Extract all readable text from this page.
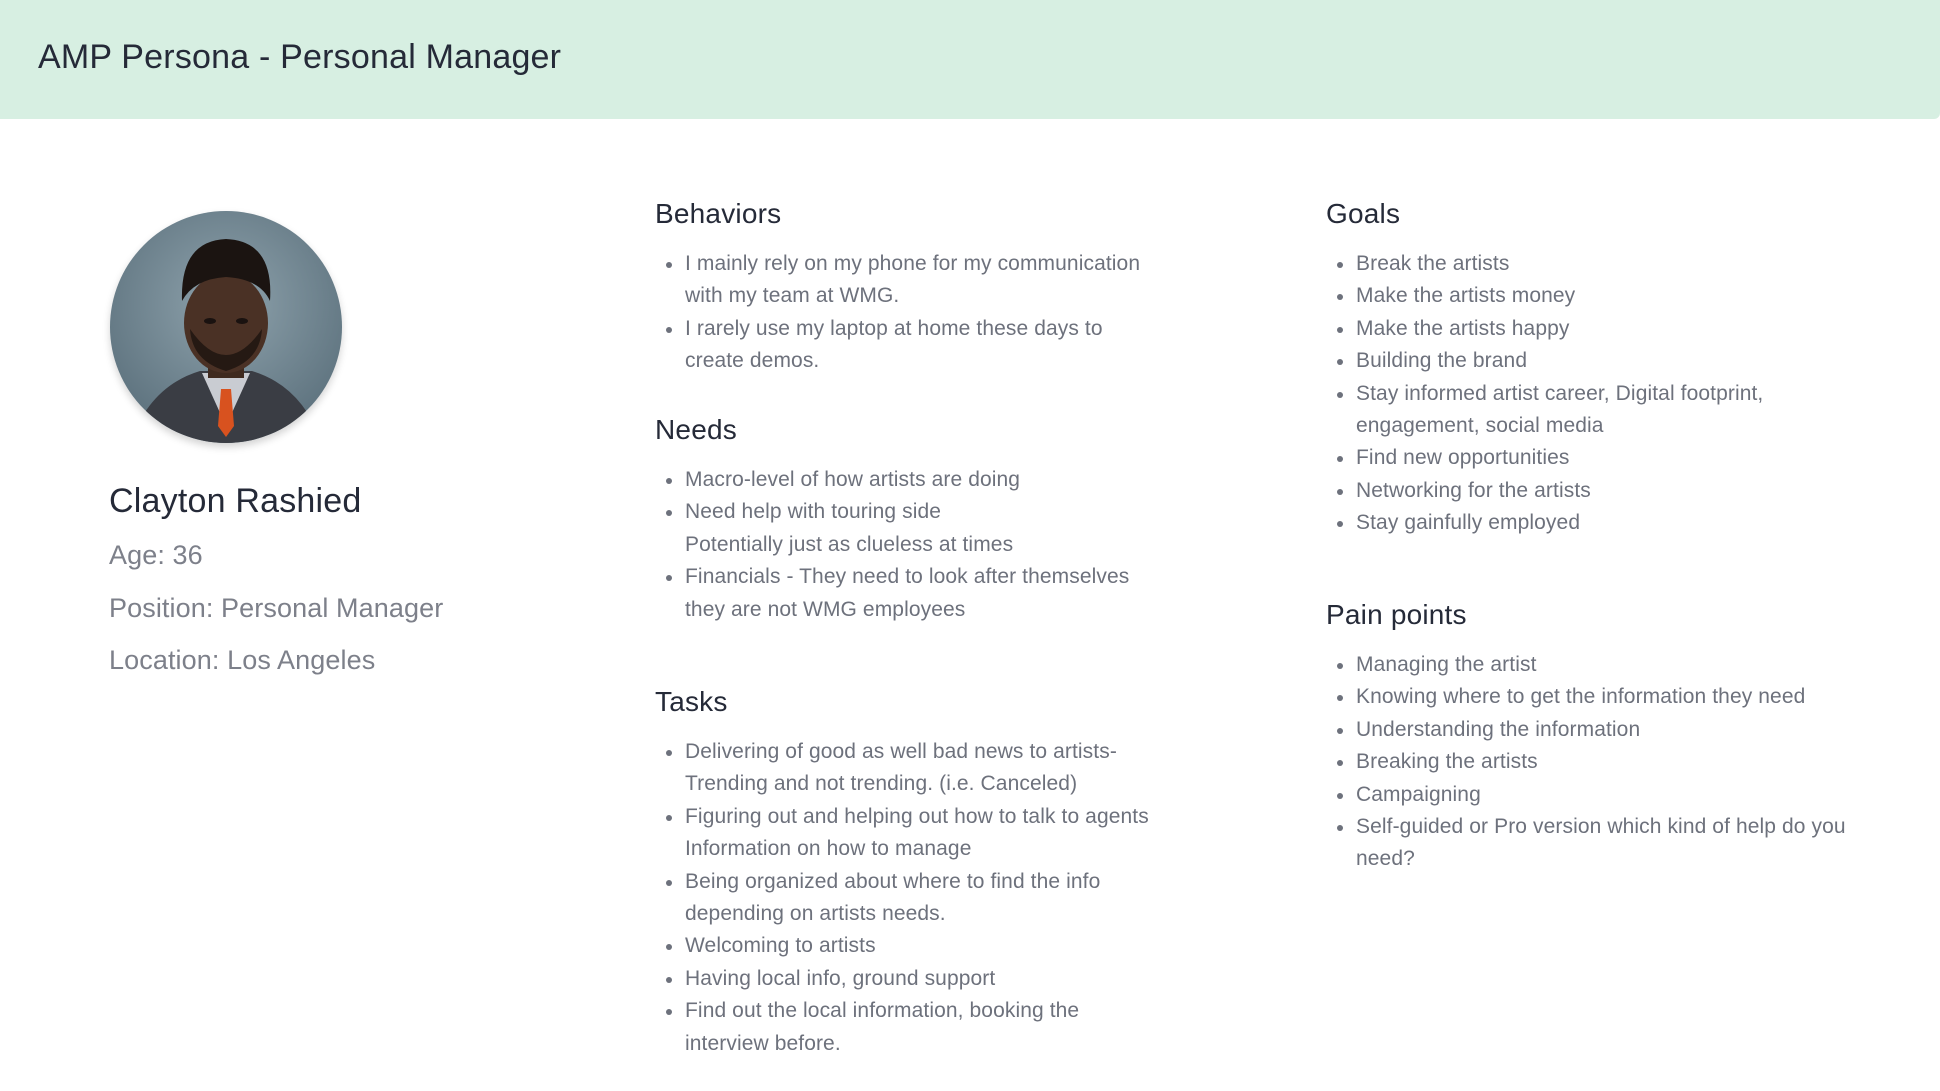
AMP Persona - Personal Manager
Clayton Rashied
Age: 36
Position: Personal Manager
Location: Los Angeles
Behaviors
I mainly rely on my phone for my communication with my team at WMG.
I rarely use my laptop at home these days to create demos.
Needs
Macro-level of how artists are doing
Need help with touring side
Potentially just as clueless at times
Financials - They need to look after themselves they are not WMG employees
Tasks
Delivering of good as well bad news to artists- Trending and not trending. (i.e. Canceled)
Figuring out and helping out how to talk to agents
Information on how to manage
Being organized about where to find the info depending on artists needs.
Welcoming to artists
Having local info, ground support
Find out the local information, booking the interview before.
Goals
Break the artists
Make the artists money
Make the artists happy
Building the brand
Stay informed artist career, Digital footprint, engagement, social media
Find new opportunities
Networking for the artists
Stay gainfully employed
Pain points
Managing the artist
Knowing where to get the information they need
Understanding the information
Breaking the artists
Campaigning
Self-guided or Pro version which kind of help do you need?
